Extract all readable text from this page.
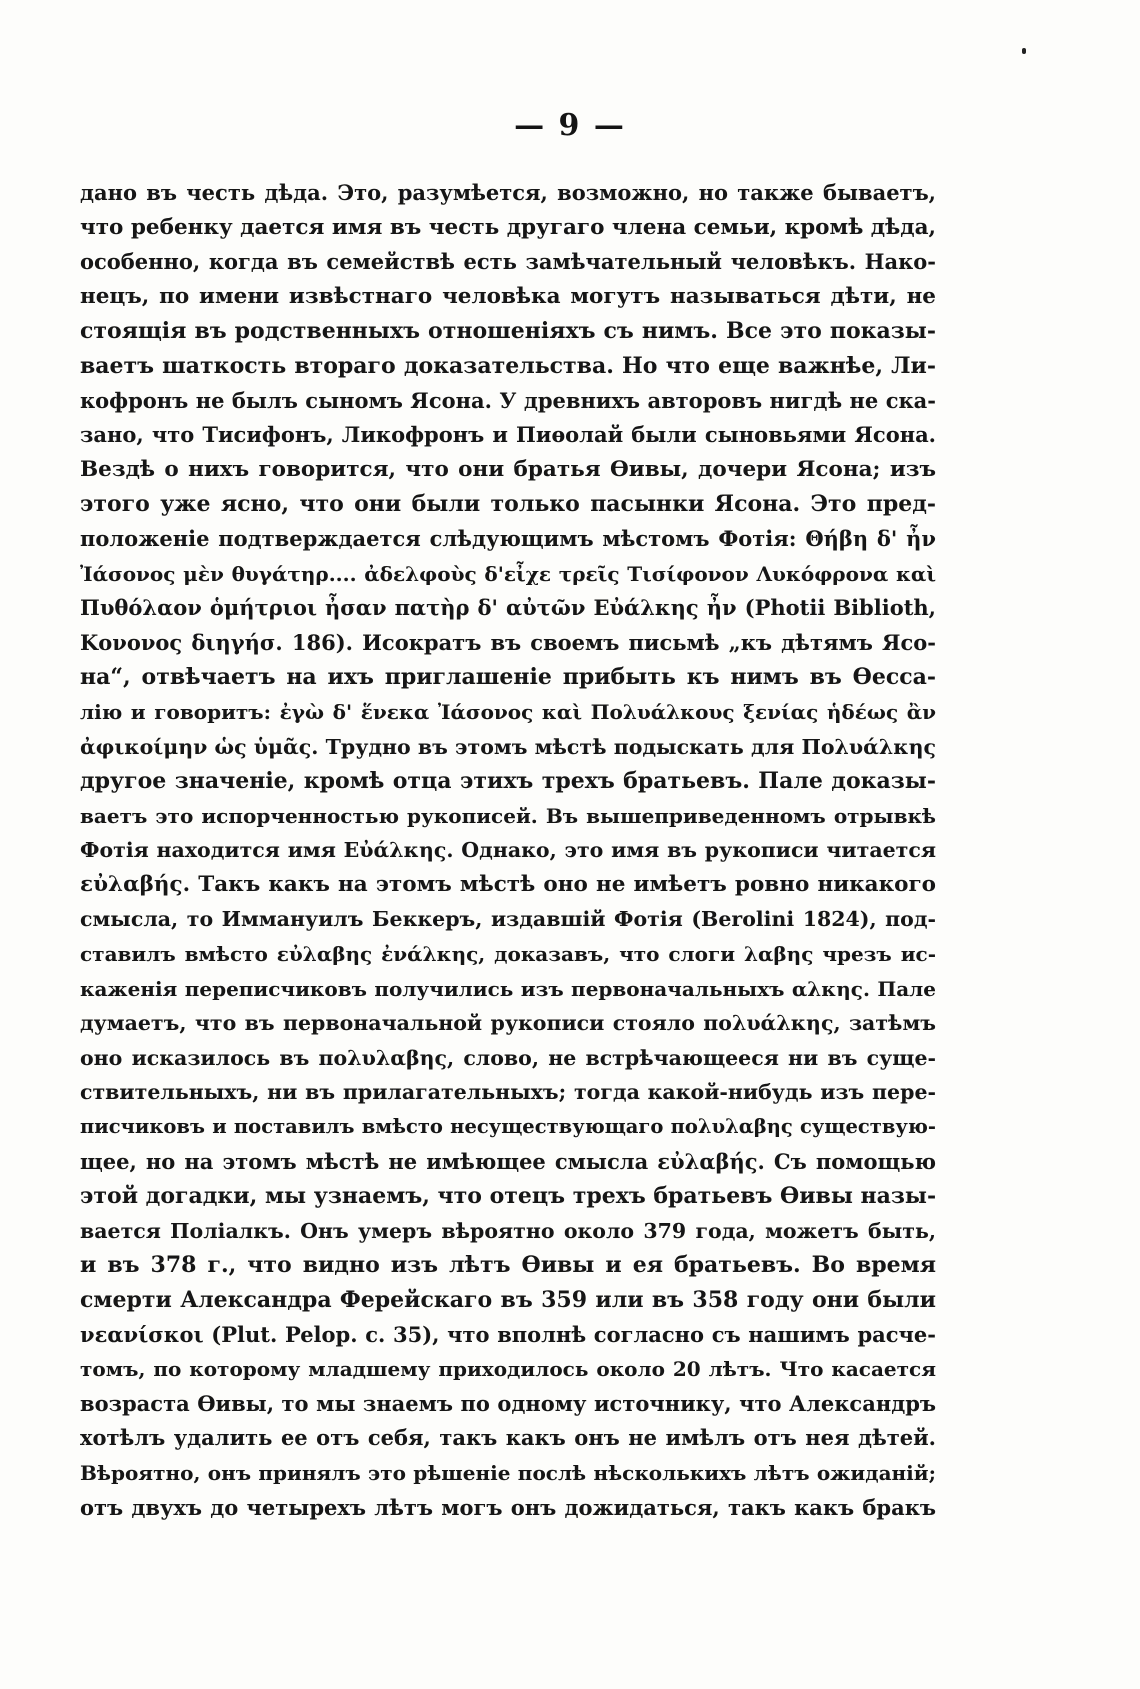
— 9 —
дано въ честь дѣда. Это, разумѣется, возможно, но также бываетъ,
что ребенку дается имя въ честь другаго члена семьи, кромѣ дѣда,
особенно, когда въ семействѣ есть замѣчательный человѣкъ. Нако-
нецъ, по имени извѣстнаго человѣка могутъ называться дѣти, не
стоящія въ родственныхъ отношеніяхъ съ нимъ. Все это показы-
ваетъ шаткость втораго доказательства. Но что еще важнѣе, Ли-
кофронъ не былъ сыномъ Ясона. У древнихъ авторовъ нигдѣ не ска-
зано, что Тисифонъ, Ликофронъ и Пиѳолай были сыновьями Ясона.
Вездѣ о нихъ говорится, что они братья Ѳивы, дочери Ясона; изъ
этого уже ясно, что они были только пасынки Ясона. Это пред-
положеніе подтверждается слѣдующимъ мѣстомъ Фотія: Θήβη δ' ἦν
Ἰάσονος μὲν θυγάτηρ.... ἀδελφοὺς δ'εἶχε τρεῖς Τισίφονον Λυκόφρονα καὶ
Πυθόλαον ὁμήτριοι ἦσαν πατὴρ δ' αὐτῶν Εὐάλκης ἦν (Photii Biblioth,
Κονονος διηγήσ. 186). Исократъ въ своемъ письмѣ „къ дѣтямъ Ясо-
на“, отвѣчаетъ на ихъ приглашеніе прибыть къ нимъ въ Ѳесса-
лію и говоритъ: ἐγὼ δ' ἕνεκα Ἰάσονος καὶ Πολυάλκους ξενίας ἡδέως ἂν
ἀφικοίμην ὡς ὑμᾶς. Трудно въ этомъ мѣстѣ подыскать для Πολυάλκης
другое значеніе, кромѣ отца этихъ трехъ братьевъ. Пале доказы-
ваетъ это испорченностью рукописей. Въ вышеприведенномъ отрывкѣ
Фотія находится имя Εὐάλκης. Однако, это имя въ рукописи читается
εὐλαβής. Такъ какъ на этомъ мѣстѣ оно не имѣетъ ровно никакого
смысла, то Иммануилъ Беккеръ, издавшій Фотія (Berolini 1824), под-
ставилъ вмѣсто εὐλαβης ἐνάλκης, доказавъ, что слоги λαβης чрезъ ис-
каженія переписчиковъ получились изъ первоначальныхъ αλκης. Пале
думаетъ, что въ первоначальной рукописи стояло πολυάλκης, затѣмъ
оно исказилось въ πολυλαβης, слово, не встрѣчающееся ни въ суще-
ствительныхъ, ни въ прилагательныхъ; тогда какой-нибудь изъ пере-
писчиковъ и поставилъ вмѣсто несуществующаго πολυλαβης существую-
щее, но на этомъ мѣстѣ не имѣющее смысла εὐλαβής. Съ помощью
этой догадки, мы узнаемъ, что отецъ трехъ братьевъ Ѳивы назы-
вается Поліалкъ. Онъ умеръ вѣроятно около 379 года, можетъ быть,
и въ 378 г., что видно изъ лѣтъ Ѳивы и ея братьевъ. Во время
смерти Александра Ферейскаго въ 359 или въ 358 году они были
νεανίσκοι (Plut. Pelop. c. 35), что вполнѣ согласно съ нашимъ расче-
томъ, по которому младшему приходилось около 20 лѣтъ. Что касается
возраста Ѳивы, то мы знаемъ по одному источнику, что Александръ
хотѣлъ удалить ее отъ себя, такъ какъ онъ не имѣлъ отъ нея дѣтей.
Вѣроятно, онъ принялъ это рѣшеніе послѣ нѣсколькихъ лѣтъ ожиданій;
отъ двухъ до четырехъ лѣтъ могъ онъ дожидаться, такъ какъ бракъ
